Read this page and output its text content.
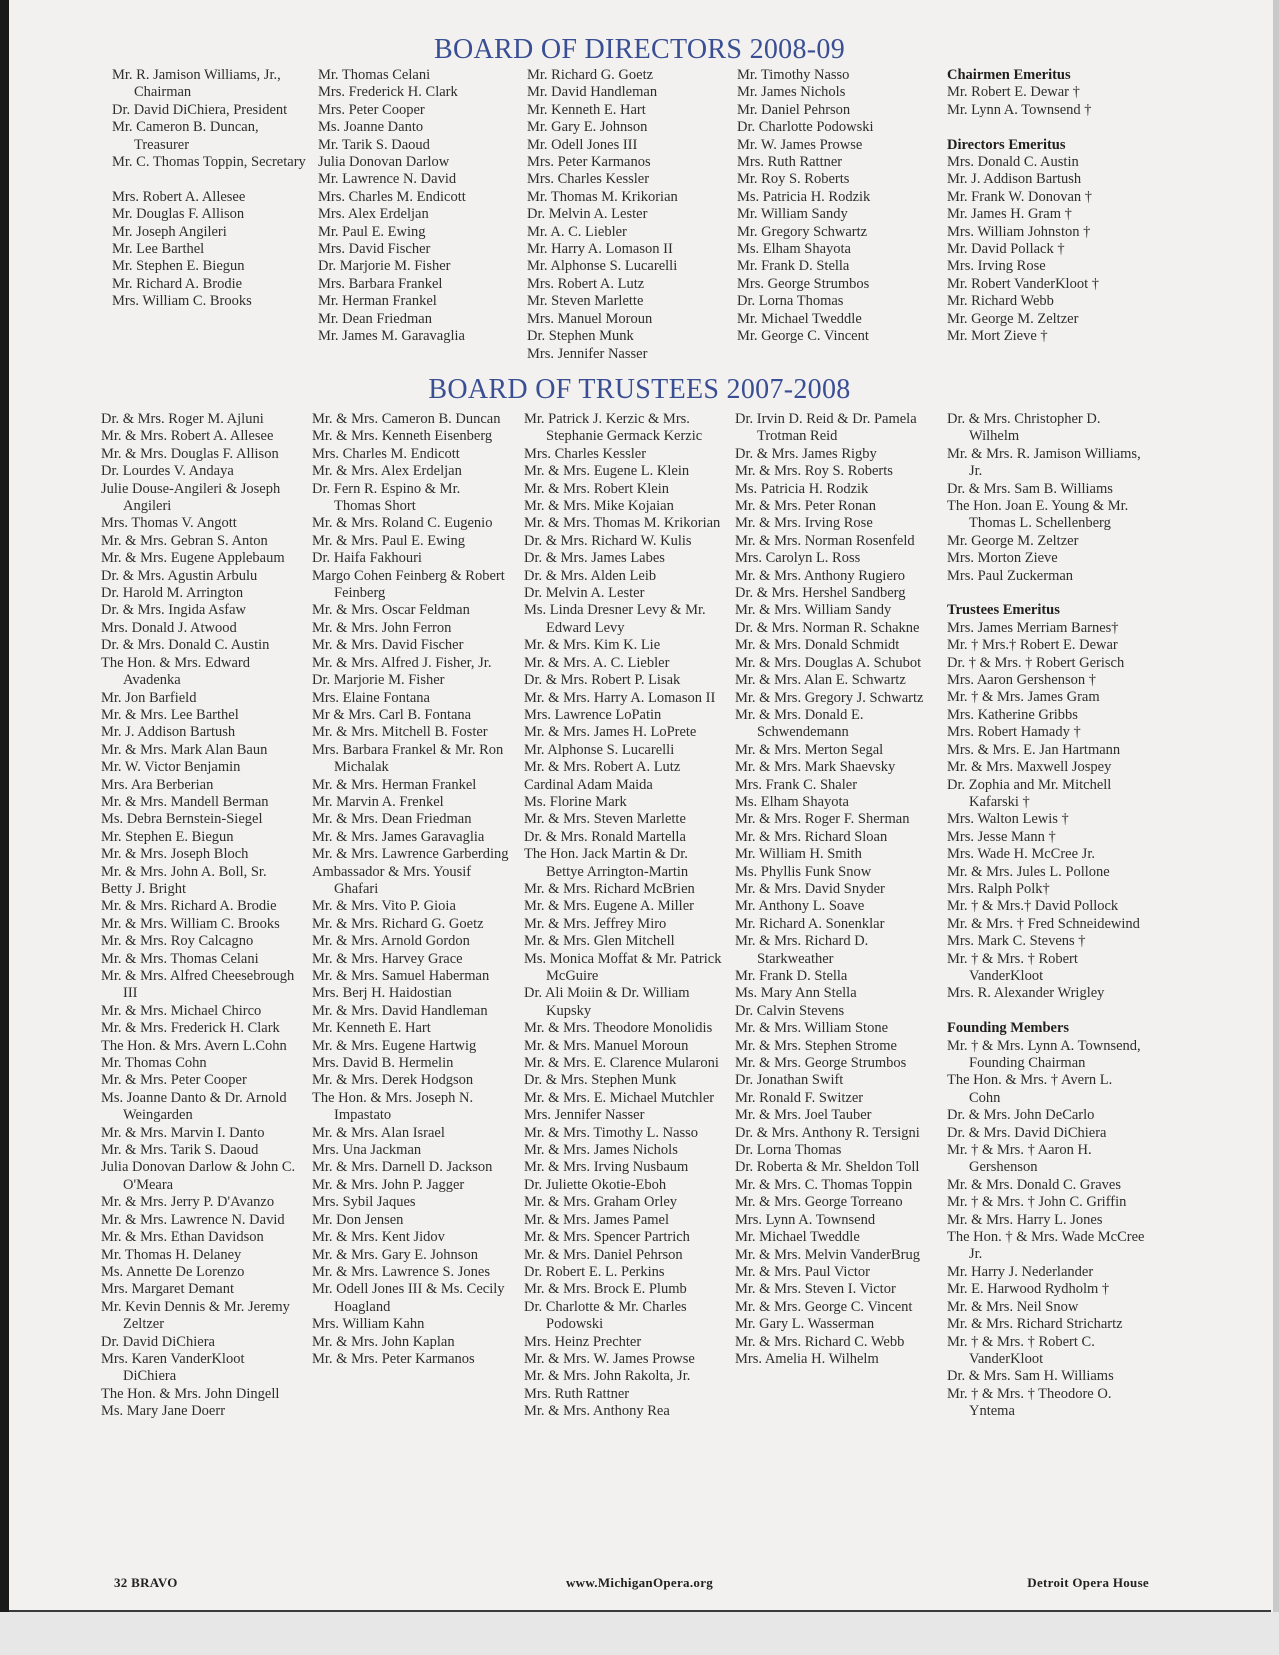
BOARD OF DIRECTORS 2008-09

Mr. R. Jamison Williams, Jr., Chairman

Dr. David DiChiera, President

Mr. Cameron B. Duncan, Treasurer

Mr. C. Thomas Toppin, Secretary

Mrs. Robert A. Allesee

Mr. Douglas F. Allison

Mr. Joseph Angileri

Mr. Lee Barthel

Mr. Stephen E. Biegun

Mr. Richard A. Brodie

Mrs. William C. Brooks

Mr. Thomas Celani

Mrs. Frederick H. Clark

Mrs. Peter Cooper

Ms. Joanne Danto

Mr. Tarik S. Daoud

Julia Donovan Darlow

Mr. Lawrence N. David

Mrs. Charles M. Endicott

Mrs. Alex Erdeljan

Mr. Paul E. Ewing

Mrs. David Fischer

Dr. Marjorie M. Fisher

Mrs. Barbara Frankel

Mr. Herman Frankel

Mr. Dean Friedman

Mr. James M. Garavaglia

Mr. Richard G. Goetz

Mr. David Handleman

Mr. Kenneth E. Hart

Mr. Gary E. Johnson

Mr. Odell Jones III

Mrs. Peter Karmanos

Mrs. Charles Kessler

Mr. Thomas M. Krikorian

Dr. Melvin A. Lester

Mr. A. C. Liebler

Mr. Harry A. Lomason II

Mr. Alphonse S. Lucarelli

Mrs. Robert A. Lutz

Mr. Steven Marlette

Mrs. Manuel Moroun

Dr. Stephen Munk

Mrs. Jennifer Nasser

Mr. Timothy Nasso

Mr. James Nichols

Mr. Daniel Pehrson

Dr. Charlotte Podowski

Mr. W. James Prowse

Mrs. Ruth Rattner

Mr. Roy S. Roberts

Ms. Patricia H. Rodzik

Mr. William Sandy

Mr. Gregory Schwartz

Ms. Elham Shayota

Mr. Frank D. Stella

Mrs. George Strumbos

Dr. Lorna Thomas

Mr. Michael Tweddle

Mr. George C. Vincent

Chairmen Emeritus

Mr. Robert E. Dewar †

Mr. Lynn A. Townsend †

Directors Emeritus

Mrs. Donald C. Austin

Mr. J. Addison Bartush

Mr. Frank W. Donovan †

Mr. James H. Gram †

Mrs. William Johnston †

Mr. David Pollack †

Mrs. Irving Rose

Mr. Robert VanderKloot †

Mr. Richard Webb

Mr. George M. Zeltzer

Mr. Mort Zieve †

BOARD OF TRUSTEES 2007-2008

Dr. & Mrs. Roger M. Ajluni

Mr. & Mrs. Robert A. Allesee

Mr. & Mrs. Douglas F. Allison

Dr. Lourdes V. Andaya

Julie Douse-Angileri & Joseph Angileri

Mrs. Thomas V. Angott

Mr. & Mrs. Gebran S. Anton

Mr. & Mrs. Eugene Applebaum

Dr. & Mrs. Agustin Arbulu

Dr. Harold M. Arrington

Dr. & Mrs. Ingida Asfaw

Mrs. Donald J. Atwood

Dr. & Mrs. Donald C. Austin

The Hon. & Mrs. Edward Avadenka

Mr. Jon Barfield

Mr. & Mrs. Lee Barthel

Mr. J. Addison Bartush

Mr. & Mrs. Mark Alan Baun

Mr. W. Victor Benjamin

Mrs. Ara Berberian

Mr. & Mrs. Mandell Berman

Ms. Debra Bernstein-Siegel

Mr. Stephen E. Biegun

Mr. & Mrs. Joseph Bloch

Mr. & Mrs. John A. Boll, Sr.

Betty J. Bright

Mr. & Mrs. Richard A. Brodie

Mr. & Mrs. William C. Brooks

Mr. & Mrs. Roy Calcagno

Mr. & Mrs. Thomas Celani

Mr. & Mrs. Alfred Cheesebrough III

Mr. & Mrs. Michael Chirco

Mr. & Mrs. Frederick H. Clark

The Hon. & Mrs. Avern L.Cohn

Mr. Thomas Cohn

Mr. & Mrs. Peter Cooper

Ms. Joanne Danto & Dr. Arnold Weingarden

Mr. & Mrs. Marvin I. Danto

Mr. & Mrs. Tarik S. Daoud

Julia Donovan Darlow & John C. O'Meara

Mr. & Mrs. Jerry P. D'Avanzo

Mr. & Mrs. Lawrence N. David

Mr. & Mrs. Ethan Davidson

Mr. Thomas H. Delaney

Ms. Annette De Lorenzo

Mrs. Margaret Demant

Mr. Kevin Dennis & Mr. Jeremy Zeltzer

Dr. David DiChiera

Mrs. Karen VanderKloot DiChiera

The Hon. & Mrs. John Dingell

Ms. Mary Jane Doerr

Mr. & Mrs. Cameron B. Duncan

Mr. & Mrs. Kenneth Eisenberg

Mrs. Charles M. Endicott

Mr. & Mrs. Alex Erdeljan

Dr. Fern R. Espino & Mr. Thomas Short

Mr. & Mrs. Roland C. Eugenio

Mr. & Mrs. Paul E. Ewing

Dr. Haifa Fakhouri

Margo Cohen Feinberg & Robert Feinberg

Mr. & Mrs. Oscar Feldman

Mr. & Mrs. John Ferron

Mr. & Mrs. David Fischer

Mr. & Mrs. Alfred J. Fisher, Jr.

Dr. Marjorie M. Fisher

Mrs. Elaine Fontana

Mr & Mrs. Carl B. Fontana

Mr. & Mrs. Mitchell B. Foster

Mrs. Barbara Frankel & Mr. Ron Michalak

Mr. & Mrs. Herman Frankel

Mr. Marvin A. Frenkel

Mr. & Mrs. Dean Friedman

Mr. & Mrs. James Garavaglia

Mr. & Mrs. Lawrence Garberding

Ambassador & Mrs. Yousif Ghafari

Mr. & Mrs. Vito P. Gioia

Mr. & Mrs. Richard G. Goetz

Mr. & Mrs. Arnold Gordon

Mr. & Mrs. Harvey Grace

Mr. & Mrs. Samuel Haberman

Mrs. Berj H. Haidostian

Mr. & Mrs. David Handleman

Mr. Kenneth E. Hart

Mr. & Mrs. Eugene Hartwig

Mrs. David B. Hermelin

Mr. & Mrs. Derek Hodgson

The Hon. & Mrs. Joseph N. Impastato

Mr. & Mrs. Alan Israel

Mrs. Una Jackman

Mr. & Mrs. Darnell D. Jackson

Mr. & Mrs. John P. Jagger

Mrs. Sybil Jaques

Mr. Don Jensen

Mr. & Mrs. Kent Jidov

Mr. & Mrs. Gary E. Johnson

Mr. & Mrs. Lawrence S. Jones

Mr. Odell Jones III & Ms. Cecily Hoagland

Mrs. William Kahn

Mr. & Mrs. John Kaplan

Mr. & Mrs. Peter Karmanos

Mr. Patrick J. Kerzic & Mrs. Stephanie Germack Kerzic

Mrs. Charles Kessler

Mr. & Mrs. Eugene L. Klein

Mr. & Mrs. Robert Klein

Mr. & Mrs. Mike Kojaian

Mr. & Mrs. Thomas M. Krikorian

Dr. & Mrs. Richard W. Kulis

Dr. & Mrs. James Labes

Dr. & Mrs. Alden Leib

Dr. Melvin A. Lester

Ms. Linda Dresner Levy & Mr. Edward Levy

Mr. & Mrs. Kim K. Lie

Mr. & Mrs. A. C. Liebler

Dr. & Mrs. Robert P. Lisak

Mr. & Mrs. Harry A. Lomason II

Mrs. Lawrence LoPatin

Mr. & Mrs. James H. LoPrete

Mr. Alphonse S. Lucarelli

Mr. & Mrs. Robert A. Lutz

Cardinal Adam Maida

Ms. Florine Mark

Mr. & Mrs. Steven Marlette

Dr. & Mrs. Ronald Martella

The Hon. Jack Martin & Dr. Bettye Arrington-Martin

Mr. & Mrs. Richard McBrien

Mr. & Mrs. Eugene A. Miller

Mr. & Mrs. Jeffrey Miro

Mr. & Mrs. Glen Mitchell

Ms. Monica Moffat & Mr. Patrick McGuire

Dr. Ali Moiin & Dr. William Kupsky

Mr. & Mrs. Theodore Monolidis

Mr. & Mrs. Manuel Moroun

Mr. & Mrs. E. Clarence Mularoni

Dr. & Mrs. Stephen Munk

Mr. & Mrs. E. Michael Mutchler

Mrs. Jennifer Nasser

Mr. & Mrs. Timothy L. Nasso

Mr. & Mrs. James Nichols

Mr. & Mrs. Irving Nusbaum

Dr. Juliette Okotie-Eboh

Mr. & Mrs. Graham Orley

Mr. & Mrs. James Pamel

Mr. & Mrs. Spencer Partrich

Mr. & Mrs. Daniel Pehrson

Dr. Robert E. L. Perkins

Mr. & Mrs. Brock E. Plumb

Dr. Charlotte & Mr. Charles Podowski

Mrs. Heinz Prechter

Mr. & Mrs. W. James Prowse

Mr. & Mrs. John Rakolta, Jr.

Mrs. Ruth Rattner

Mr. & Mrs. Anthony Rea

Dr. Irvin D. Reid & Dr. Pamela Trotman Reid

Dr. & Mrs. James Rigby

Mr. & Mrs. Roy S. Roberts

Ms. Patricia H. Rodzik

Mr. & Mrs. Peter Ronan

Mr. & Mrs. Irving Rose

Mr. & Mrs. Norman Rosenfeld

Mrs. Carolyn L. Ross

Mr. & Mrs. Anthony Rugiero

Dr. & Mrs. Hershel Sandberg

Mr. & Mrs. William Sandy

Dr. & Mrs. Norman R. Schakne

Mr. & Mrs. Donald Schmidt

Mr. & Mrs. Douglas A. Schubot

Mr. & Mrs. Alan E. Schwartz

Mr. & Mrs. Gregory J. Schwartz

Mr. & Mrs. Donald E. Schwendemann

Mr. & Mrs. Merton Segal

Mr. & Mrs. Mark Shaevsky

Mrs. Frank C. Shaler

Ms. Elham Shayota

Mr. & Mrs. Roger F. Sherman

Mr. & Mrs. Richard Sloan

Mr. William H. Smith

Ms. Phyllis Funk Snow

Mr. & Mrs. David Snyder

Mr. Anthony L. Soave

Mr. Richard A. Sonenklar

Mr. & Mrs. Richard D. Starkweather

Mr. Frank D. Stella

Ms. Mary Ann Stella

Dr. Calvin Stevens

Mr. & Mrs. William Stone

Mr. & Mrs. Stephen Strome

Mr. & Mrs. George Strumbos

Dr. Jonathan Swift

Mr. Ronald F. Switzer

Mr. & Mrs. Joel Tauber

Dr. & Mrs. Anthony R. Tersigni

Dr. Lorna Thomas

Dr. Roberta & Mr. Sheldon Toll

Mr. & Mrs. C. Thomas Toppin

Mr. & Mrs. George Torreano

Mrs. Lynn A. Townsend

Mr. Michael Tweddle

Mr. & Mrs. Melvin VanderBrug

Mr. & Mrs. Paul Victor

Mr. & Mrs. Steven I. Victor

Mr. & Mrs. George C. Vincent

Mr. Gary L. Wasserman

Mr. & Mrs. Richard C. Webb

Mrs. Amelia H. Wilhelm

Dr. & Mrs. Christopher D. Wilhelm

Mr. & Mrs. R. Jamison Williams, Jr.

Dr. & Mrs. Sam B. Williams

The Hon. Joan E. Young & Mr. Thomas L. Schellenberg

Mr. George M. Zeltzer

Mrs. Morton Zieve

Mrs. Paul Zuckerman

Trustees Emeritus

Mrs. James Merriam Barnes†

Mr. † Mrs.† Robert E. Dewar

Dr. † & Mrs. † Robert Gerisch

Mrs. Aaron Gershenson †

Mr. † & Mrs. James Gram

Mrs. Katherine Gribbs

Mrs. Robert Hamady †

Mrs. & Mrs. E. Jan Hartmann

Mr. & Mrs. Maxwell Jospey

Dr. Zophia and Mr. Mitchell Kafarski †

Mrs. Walton Lewis †

Mrs. Jesse Mann †

Mrs. Wade H. McCree Jr.

Mr. & Mrs. Jules L. Pollone

Mrs. Ralph Polk†

Mr. † & Mrs.† David Pollock

Mr. & Mrs. † Fred Schneidewind

Mrs. Mark C. Stevens †

Mr. † & Mrs. † Robert VanderKloot

Mrs. R. Alexander Wrigley

Founding Members

Mr. † & Mrs. Lynn A. Townsend, Founding Chairman

The Hon. & Mrs. † Avern L. Cohn

Dr. & Mrs. John DeCarlo

Dr. & Mrs. David DiChiera

Mr. † & Mrs. † Aaron H. Gershenson

Mr. & Mrs. Donald C. Graves

Mr. † & Mrs. † John C. Griffin

Mr. & Mrs. Harry L. Jones

The Hon. † & Mrs. Wade McCree Jr.

Mr. Harry J. Nederlander

Mr. E. Harwood Rydholm †

Mr. & Mrs. Neil Snow

Mr. & Mrs. Richard Strichartz

Mr. † & Mrs. † Robert C. VanderKloot

Dr. & Mrs. Sam H. Williams

Mr. † & Mrs. † Theodore O. Yntema

32 BRAVO	www.MichiganOpera.org	Detroit Opera House
